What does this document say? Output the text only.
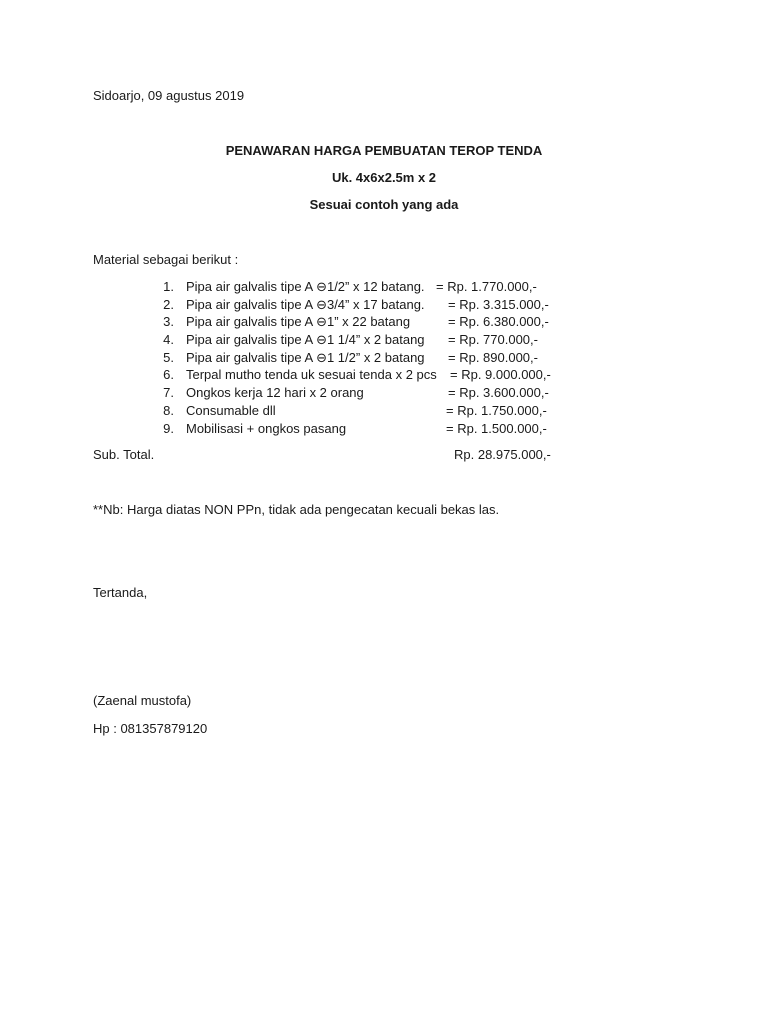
Sidoarjo, 09 agustus 2019
PENAWARAN HARGA PEMBUATAN TEROP TENDA
Uk. 4x6x2.5m x 2
Sesuai contoh yang ada
Material sebagai berikut :
1. Pipa air galvalis tipe A ⊖1/2” x 12 batang. = Rp. 1.770.000,-
2. Pipa air galvalis tipe A ⊖3/4” x 17 batang. = Rp. 3.315.000,-
3. Pipa air galvalis tipe A ⊖1” x 22 batang	= Rp. 6.380.000,-
4. Pipa air galvalis tipe A ⊖1 1/4” x 2 batang = Rp. 770.000,-
5. Pipa air galvalis tipe A ⊖1 1/2” x 2 batang = Rp. 890.000,-
6. Terpal mutho tenda uk sesuai tenda x 2 pcs = Rp. 9.000.000,-
7. Ongkos kerja 12 hari x 2 orang	= Rp. 3.600.000,-
8. Consumable dll	= Rp. 1.750.000,-
9. Mobilisasi + ongkos pasang	= Rp. 1.500.000,-
Sub. Total.	Rp. 28.975.000,-
**Nb: Harga diatas NON PPn, tidak ada pengecatan kecuali bekas las.
Tertanda,
(Zaenal mustofa)
Hp : 081357879120
